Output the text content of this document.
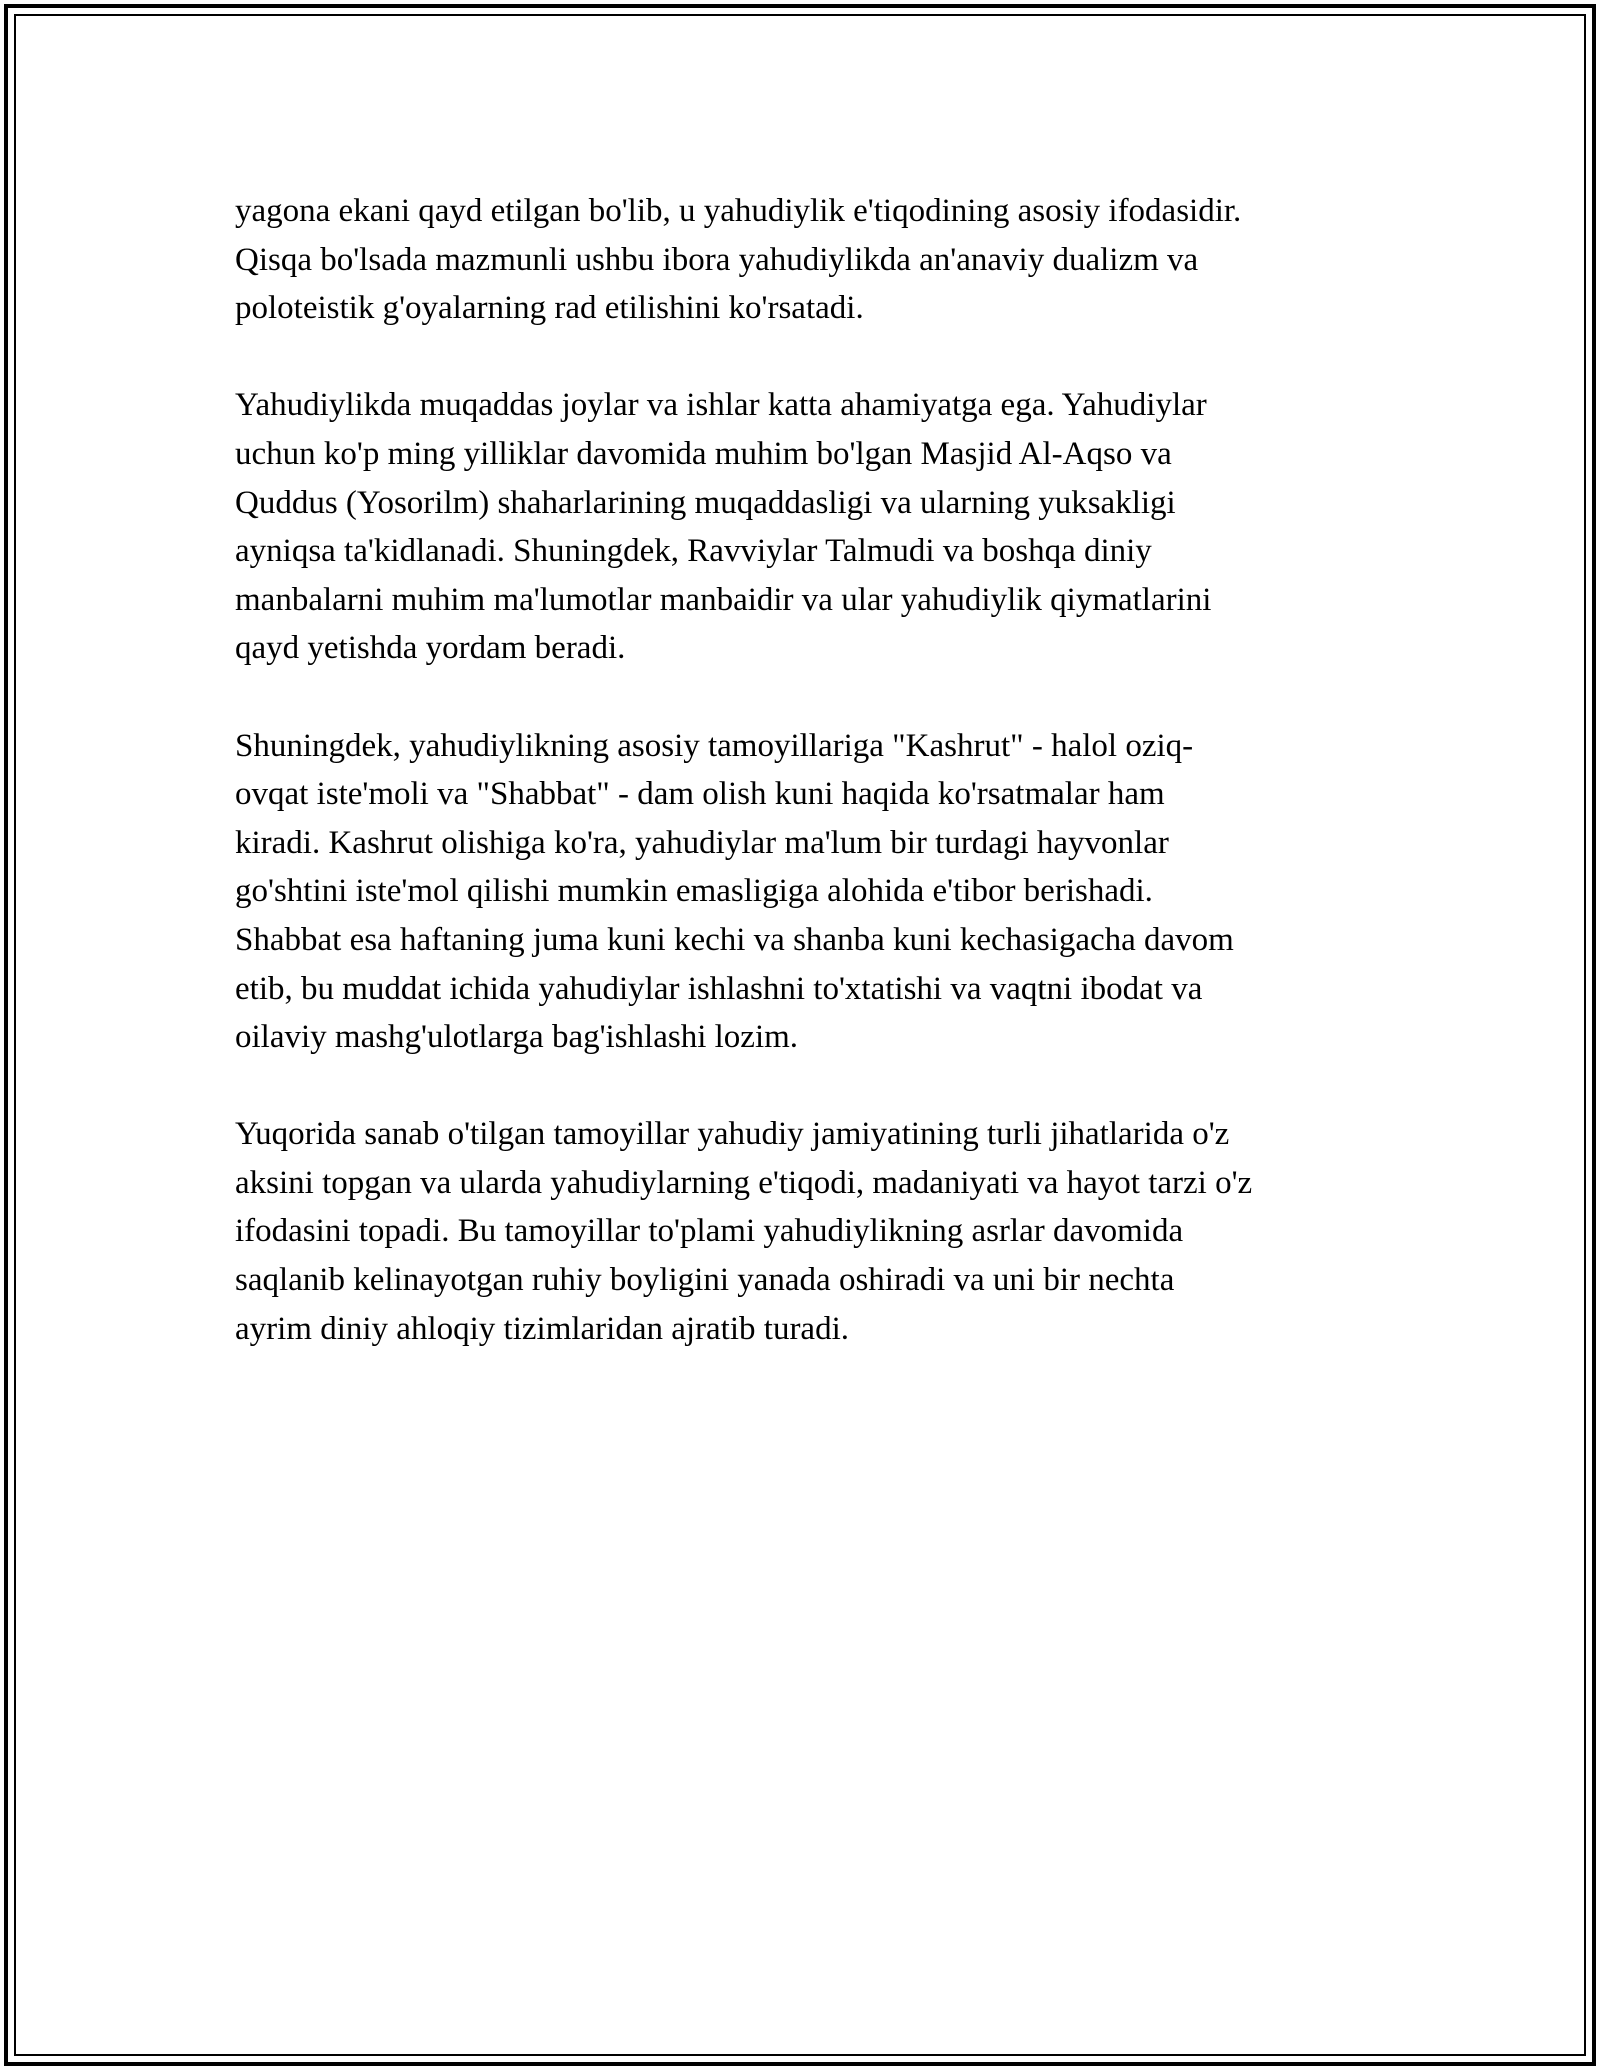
yagona ekani qayd etilgan bo'lib, u yahudiylik e'tiqodining asosiy ifodasidir.
Qisqa bo'lsada mazmunli ushbu ibora yahudiylikda an'anaviy dualizm va
poloteistik g'oyalarning rad etilishini ko'rsatadi.

Yahudiylikda muqaddas joylar va ishlar katta ahamiyatga ega. Yahudiylar
uchun ko'p ming yilliklar davomida muhim bo'lgan Masjid Al-Aqso va
Quddus (Yosorilm) shaharlarining muqaddasligi va ularning yuksakligi
ayniqsa ta'kidlanadi. Shuningdek, Ravviylar Talmudi va boshqa diniy
manbalarni muhim ma'lumotlar manbaidir va ular yahudiylik qiymatlarini
qayd yetishda yordam beradi.

Shuningdek, yahudiylikning asosiy tamoyillariga "Kashrut" - halol oziq-
ovqat iste'moli va "Shabbat" - dam olish kuni haqida ko'rsatmalar ham
kiradi. Kashrut olishiga ko'ra, yahudiylar ma'lum bir turdagi hayvonlar
go'shtini iste'mol qilishi mumkin emasligiga alohida e'tibor berishadi.
Shabbat esa haftaning juma kuni kechi va shanba kuni kechasigacha davom
etib, bu muddat ichida yahudiylar ishlashni to'xtatishi va vaqtni ibodat va
oilaviy mashg'ulotlarga bag'ishlashi lozim.

Yuqorida sanab o'tilgan tamoyillar yahudiy jamiyatining turli jihatlarida o'z
aksini topgan va ularda yahudiylarning e'tiqodi, madaniyati va hayot tarzi o'z
ifodasini topadi. Bu tamoyillar to'plami yahudiylikning asrlar davomida
saqlanib kelinayotgan ruhiy boyligini yanada oshiradi va uni bir nechta
ayrim diniy ahloqiy tizimlaridan ajratib turadi.
